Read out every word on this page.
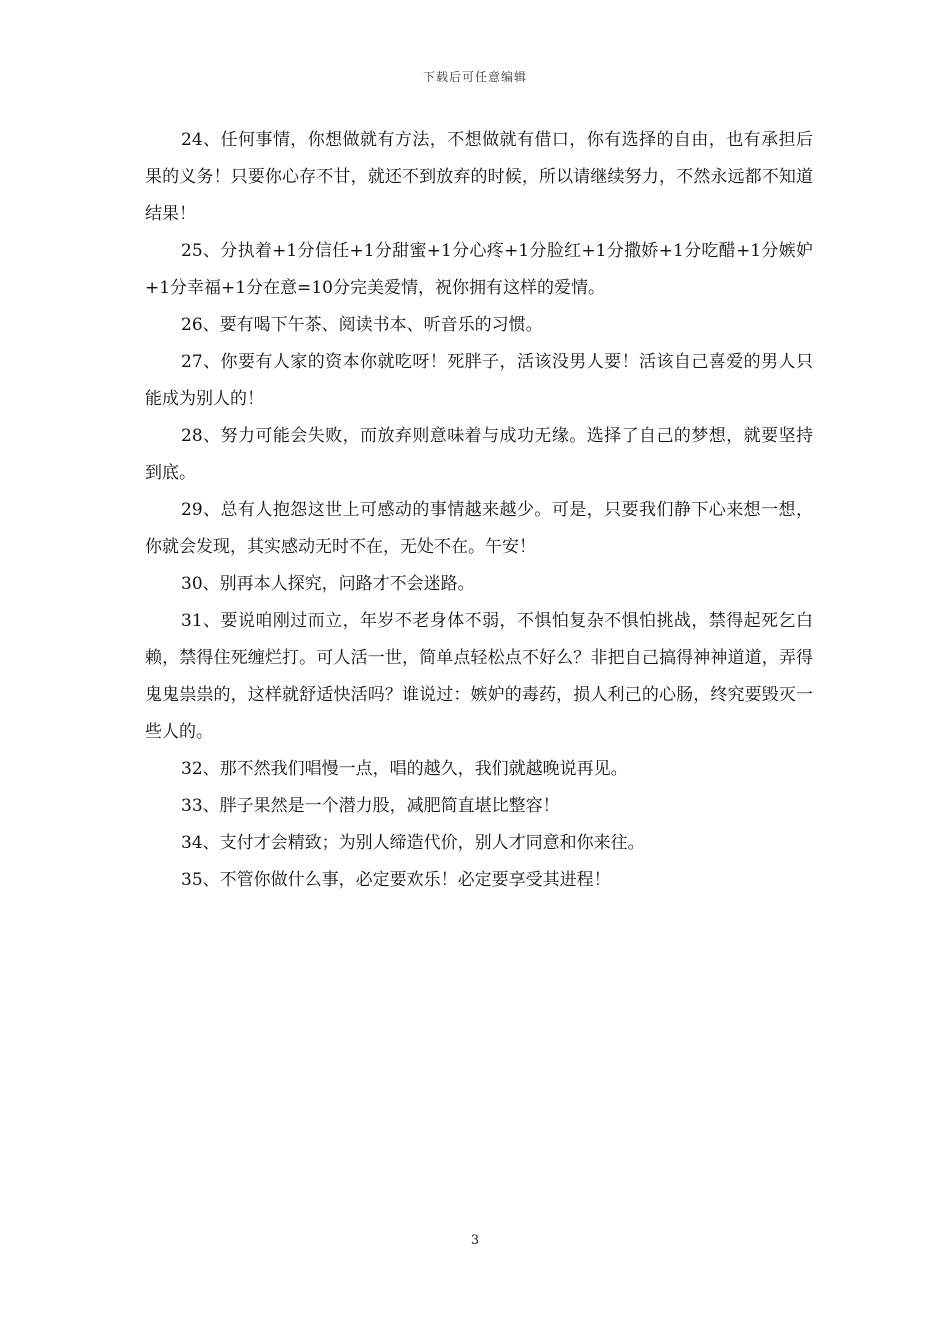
下载后可任意编辑

24、任何事情，你想做就有方法，不想做就有借口，你有选择的自由，也有承担后果的义务！只要你心存不甘，就还不到放弃的时候，所以请继续努力，不然永远都不知道结果！

25、分执着+1分信任+1分甜蜜+1分心疼+1分脸红+1分撒娇+1分吃醋+1分嫉妒+1分幸福+1分在意=10分完美爱情，祝你拥有这样的爱情。

26、要有喝下午茶、阅读书本、听音乐的习惯。

27、你要有人家的资本你就吃呀！死胖子，活该没男人要！活该自己喜爱的男人只能成为别人的！

28、努力可能会失败，而放弃则意味着与成功无缘。选择了自己的梦想，就要坚持到底。

29、总有人抱怨这世上可感动的事情越来越少。可是，只要我们静下心来想一想，你就会发现，其实感动无时不在，无处不在。午安！

30、别再本人探究，问路才不会迷路。

31、要说咱刚过而立，年岁不老身体不弱，不惧怕复杂不惧怕挑战，禁得起死乞白赖，禁得住死缠烂打。可人活一世，简单点轻松点不好么？非把自己搞得神神道道，弄得鬼鬼祟祟的，这样就舒适快活吗？谁说过：嫉妒的毒药，损人利己的心肠，终究要毁灭一些人的。

32、那不然我们唱慢一点，唱的越久，我们就越晚说再见。

33、胖子果然是一个潜力股，减肥简直堪比整容！

34、支付才会精致；为别人缔造代价，别人才同意和你来往。

35、不管你做什么事，必定要欢乐！必定要享受其进程！

3
